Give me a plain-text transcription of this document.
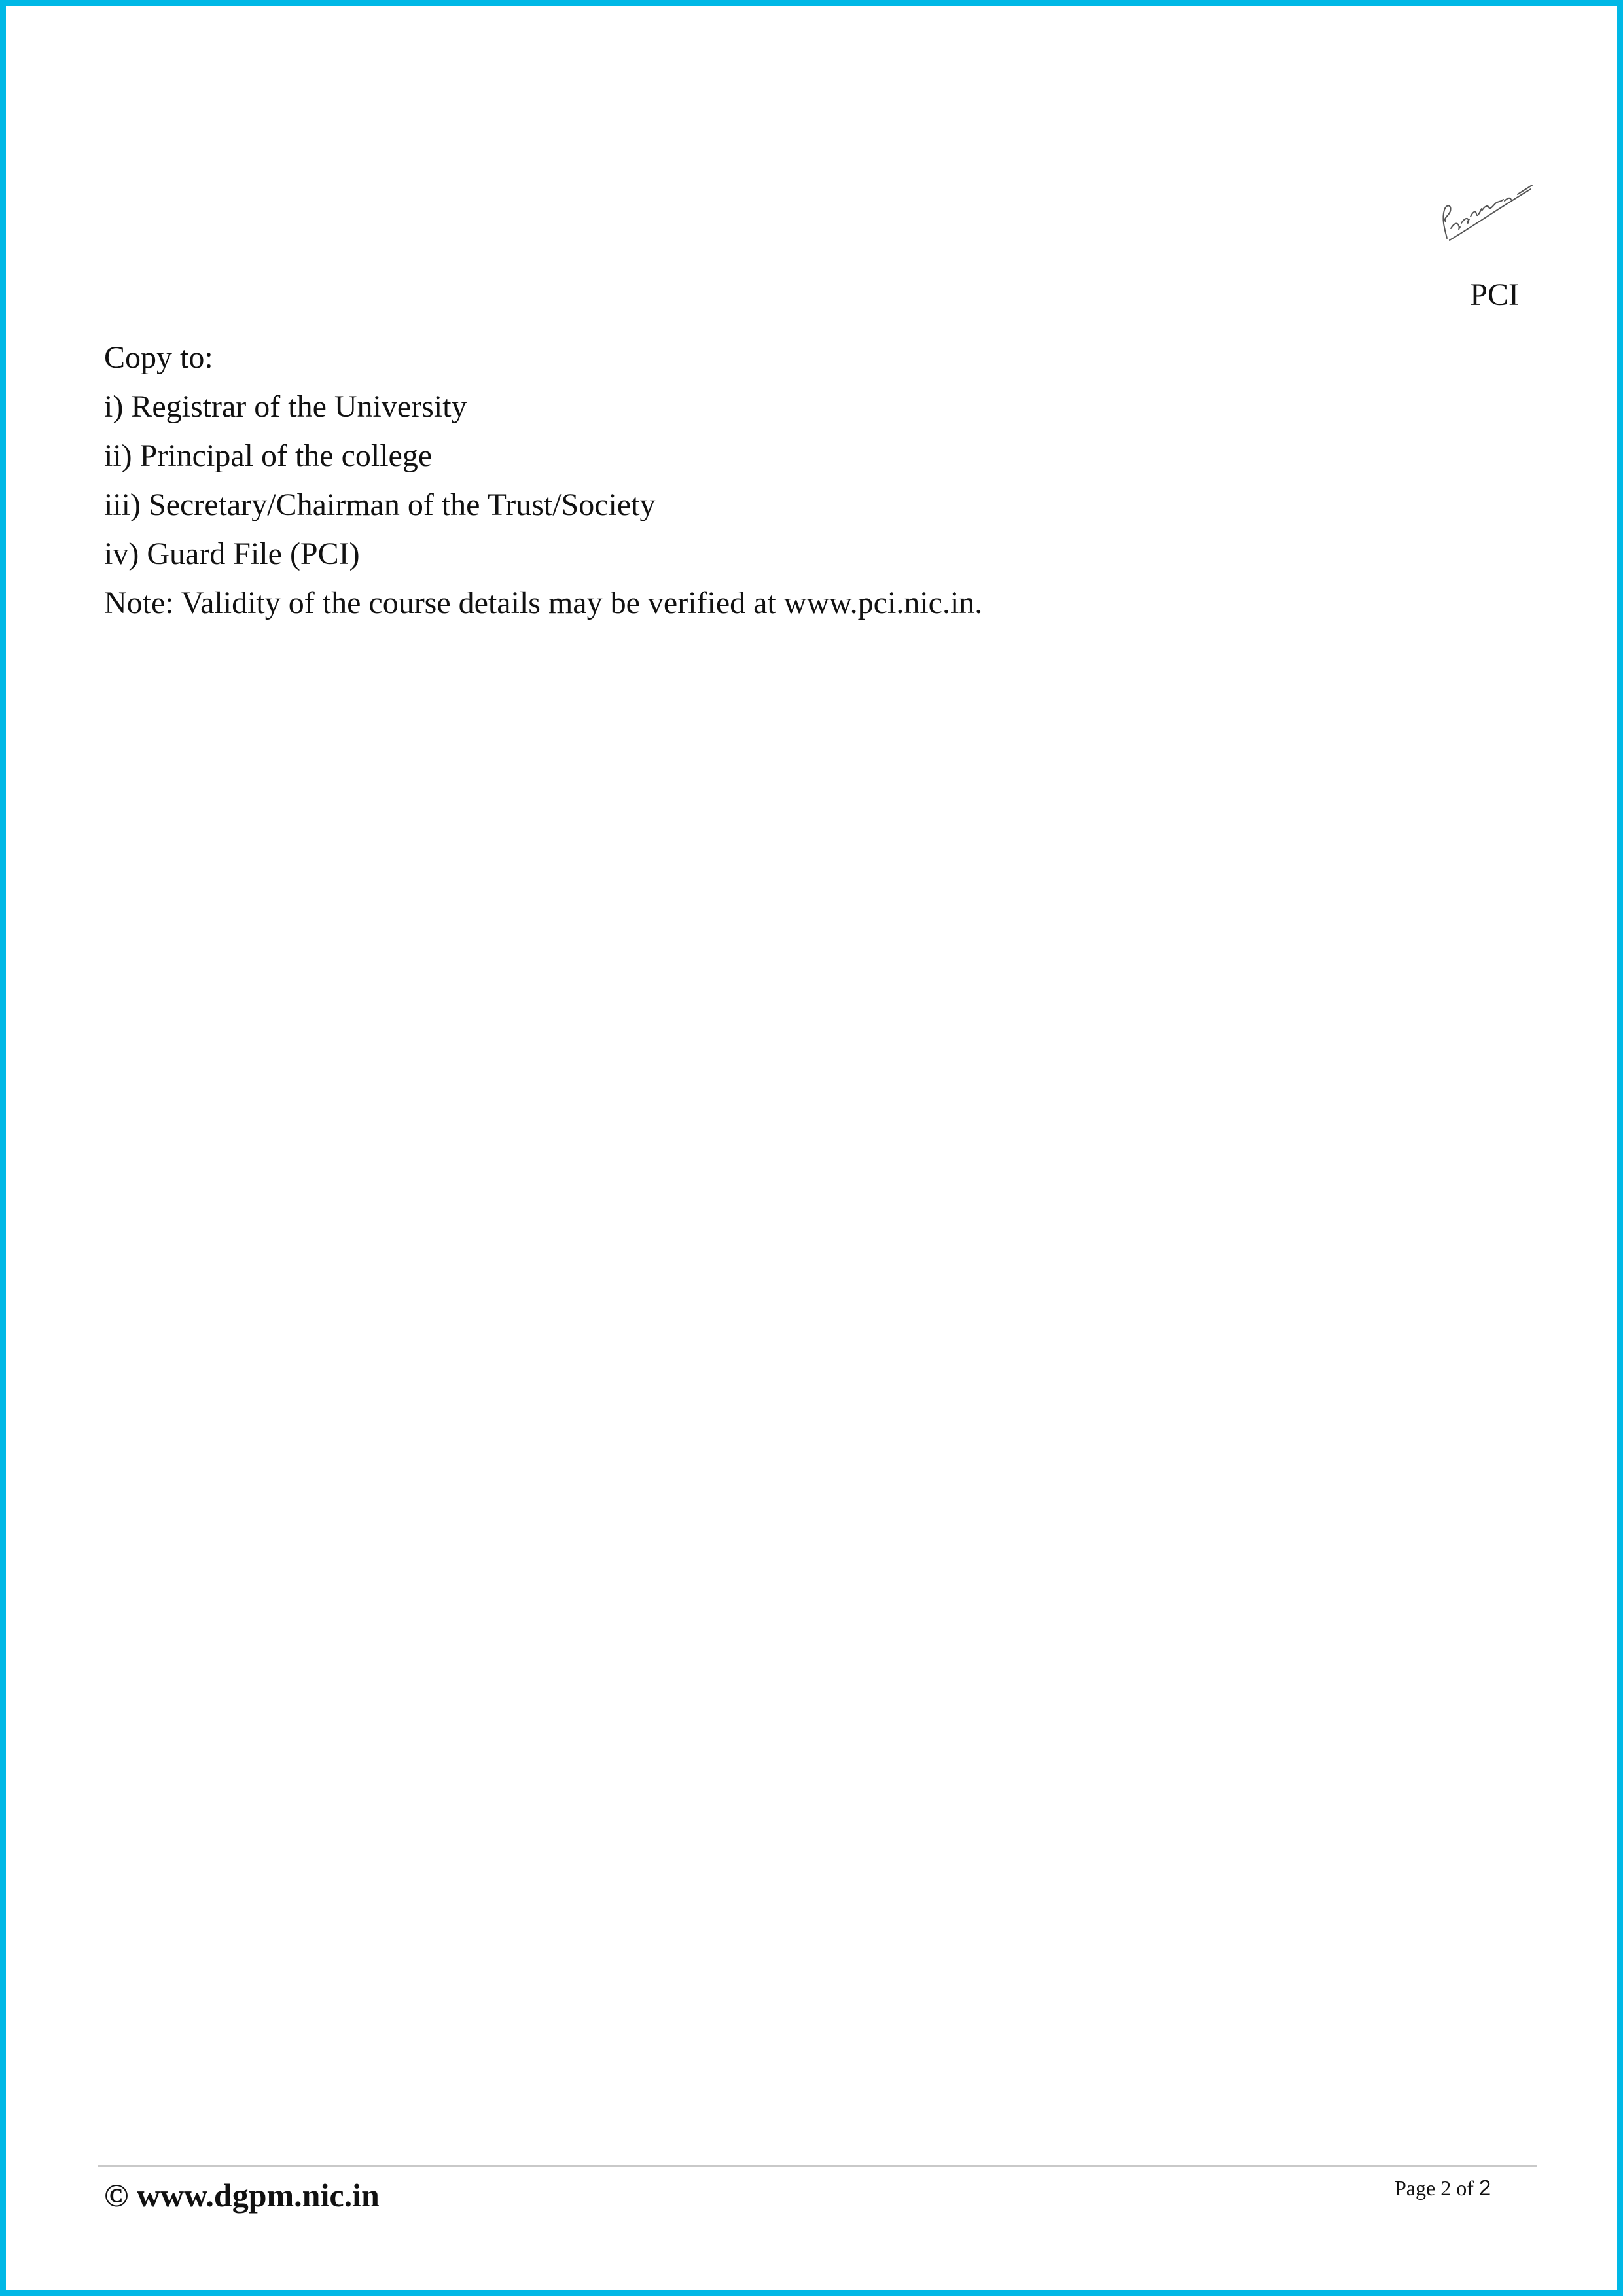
PCI
Copy to:
i) Registrar of the University
ii) Principal of the college
iii) Secretary/Chairman of the Trust/Society
iv) Guard File (PCI)
Note: Validity of the course details may be verified at www.pci.nic.in.
© www.dgpm.nic.in	Page 2 of 2
